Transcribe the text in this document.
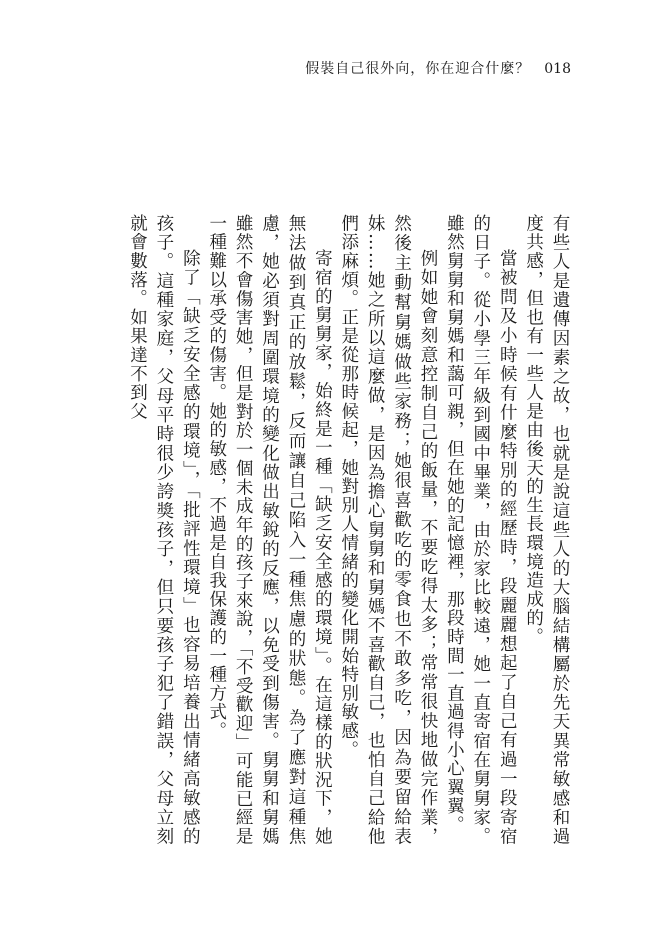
假裝自己很外向，你在迎合什麼？ 018

有些人是遺傳因素之故，也就是說這些人的大腦結構屬於先天異常敏感和過度共感，但也有一些人是由後天的生長環境造成的。

當被問及小時候有什麼特別的經歷時，段麗麗想起了自己有過一段寄宿的日子。從小學三年級到國中畢業，由於家比較遠，她一直寄宿在舅舅家。雖然舅舅和舅媽和藹可親，但在她的記憶裡，那段時間一直過得小心翼翼。

例如她會刻意控制自己的飯量，不要吃得太多；常常很快地做完作業，然後主動幫舅媽做些家務；她很喜歡吃的零食也不敢多吃，因為要留給表妹……她之所以這麼做，是因為擔心舅舅和舅媽不喜歡自己，也怕自己給他們添麻煩。正是從那時候起，她對別人情緒的變化開始特別敏感。

寄宿的舅舅家，始終是一種「缺乏安全感的環境」。在這樣的狀況下，她無法做到真正的放鬆，反而讓自己陷入一種焦慮的狀態。為了應對這種焦慮，她必須對周圍環境的變化做出敏銳的反應，以免受到傷害。舅舅和舅媽雖然不會傷害她，但是對於一個未成年的孩子來說，「不受歡迎」可能已經是一種難以承受的傷害。她的敏感，不過是自我保護的一種方式。

除了「缺乏安全感的環境」，「批評性環境」也容易培養出情緒高敏感的孩子。這種家庭，父母平時很少誇獎孩子，但只要孩子犯了錯誤，父母立刻就會數落。如果達不到父
